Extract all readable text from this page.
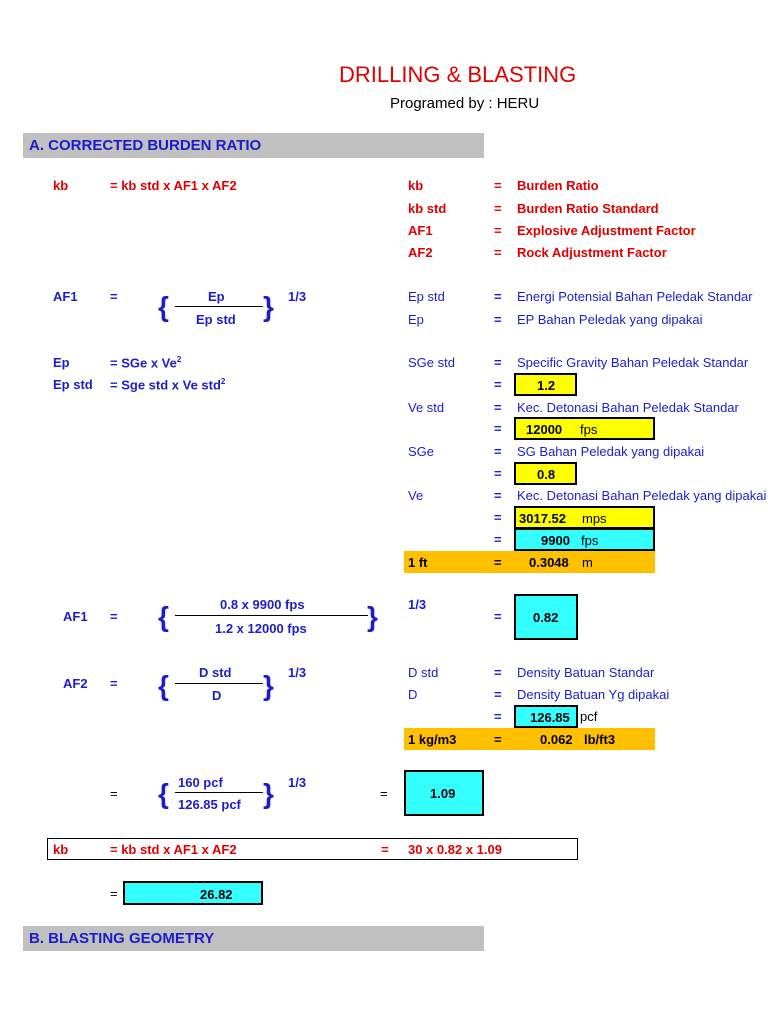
DRILLING & BLASTING
Programed by : HERU
A. CORRECTED BURDEN RATIO
kb	= kb std x AF1 x AF2	kb	= Burden Ratio
kb std	= Burden Ratio Standard
AF1	= Explosive Adjustment Factor
AF2	= Rock Adjustment Factor
AF1 = {	Ep
Ep std } 1/3	Ep std	= Energi Potensial Bahan Peledak Standar
Ep	= EP Bahan Peledak yang dipakai
Ep	= SGe x Ve$^2$
Ep std = Sge std x Ve std$^2$
SGe std	= Specific Gravity Bahan Peledak Standar
=	1.2
Ve std	= Kec. Detonasi Bahan Peledak Standar
= 12000 fps
SGe	= SG Bahan Peledak yang dipakai
=	0.8
Ve	= Kec. Detonasi Bahan Peledak yang dipakai
= 3017.52 mps
=	9900 fps
1 ft	= 0.3048 m
AF1 = {	0.8 x 9900 fps
1.2 x 12000 fps } 1/3
= 0.82
AF2 = { D std
D } 1/3	D std	= Density Batuan Standar
D	= Density Batuan Yg dipakai
= 126.85 pcf
1 kg/m3	=	0.062 lb/ft3
= { 160 pcf
126.85 pcf } 1/3
=	1.09
kb	= kb std x AF1 x AF2	= 30 x 0.82 x 1.09
=	26.82
B. BLASTING GEOMETRY
